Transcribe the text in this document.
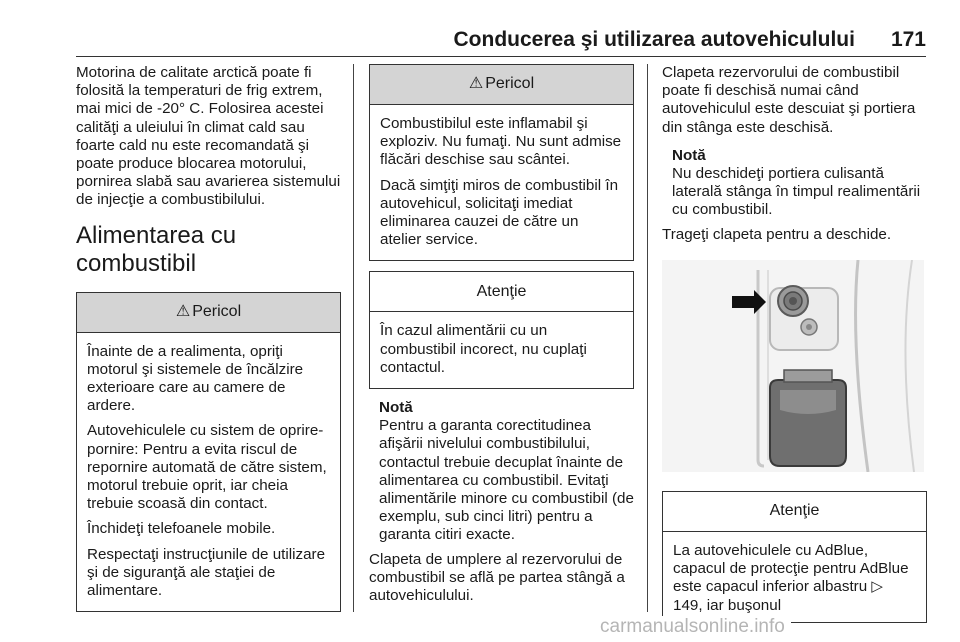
Conducerea şi utilizarea autovehiculului 171

Motorina de calitate arctică poate fi folosită la temperaturi de frig extrem, mai mici de -20° C. Folosirea acestei calităţi a uleiului în climat cald sau foarte cald nu este recomandată şi poate produce blocarea motorului, pornirea slabă sau avarierea sistemului de injecţie a combustibilului.

Alimentarea cu combustibil
⚠ Pericol

Înainte de a realimenta, opriţi motorul şi sistemele de încălzire exterioare care au camere de ardere.

Autovehiculele cu sistem de oprire-pornire: Pentru a evita riscul de repornire automată de către sistem, motorul trebuie oprit, iar cheia trebuie scoasă din contact.

Închideţi telefoanele mobile.

Respectaţi instrucţiunile de utilizare şi de siguranţă ale staţiei de alimentare.

⚠ Pericol

Combustibilul este inflamabil şi exploziv. Nu fumaţi. Nu sunt admise flăcări deschise sau scântei.

Dacă simţiţi miros de combustibil în autovehicul, solicitaţi imediat eliminarea cauzei de către un atelier service.

Atenţie

În cazul alimentării cu un combustibil incorect, nu cuplaţi contactul.

Notă
Pentru a garanta corectitudinea afişării nivelului combustibilului, contactul trebuie decuplat înainte de alimentarea cu combustibil. Evitaţi alimentările minore cu combustibil (de exemplu, sub cinci litri) pentru a garanta citiri exacte.

Clapeta de umplere al rezervorului de combustibil se află pe partea stângă a autovehiculului.

Clapeta rezervorului de combustibil poate fi deschisă numai când autovehiculul este descuiat şi portiera din stânga este deschisă.

Notă
Nu deschideţi portiera culisantă laterală stânga în timpul realimentării cu combustibil.

Trageţi clapeta pentru a deschide.

Atenţie

La autovehiculele cu AdBlue, capacul de protecţie pentru AdBlue este capacul inferior albastru ▷ 149, iar buşonul

carmanualsonline.info
